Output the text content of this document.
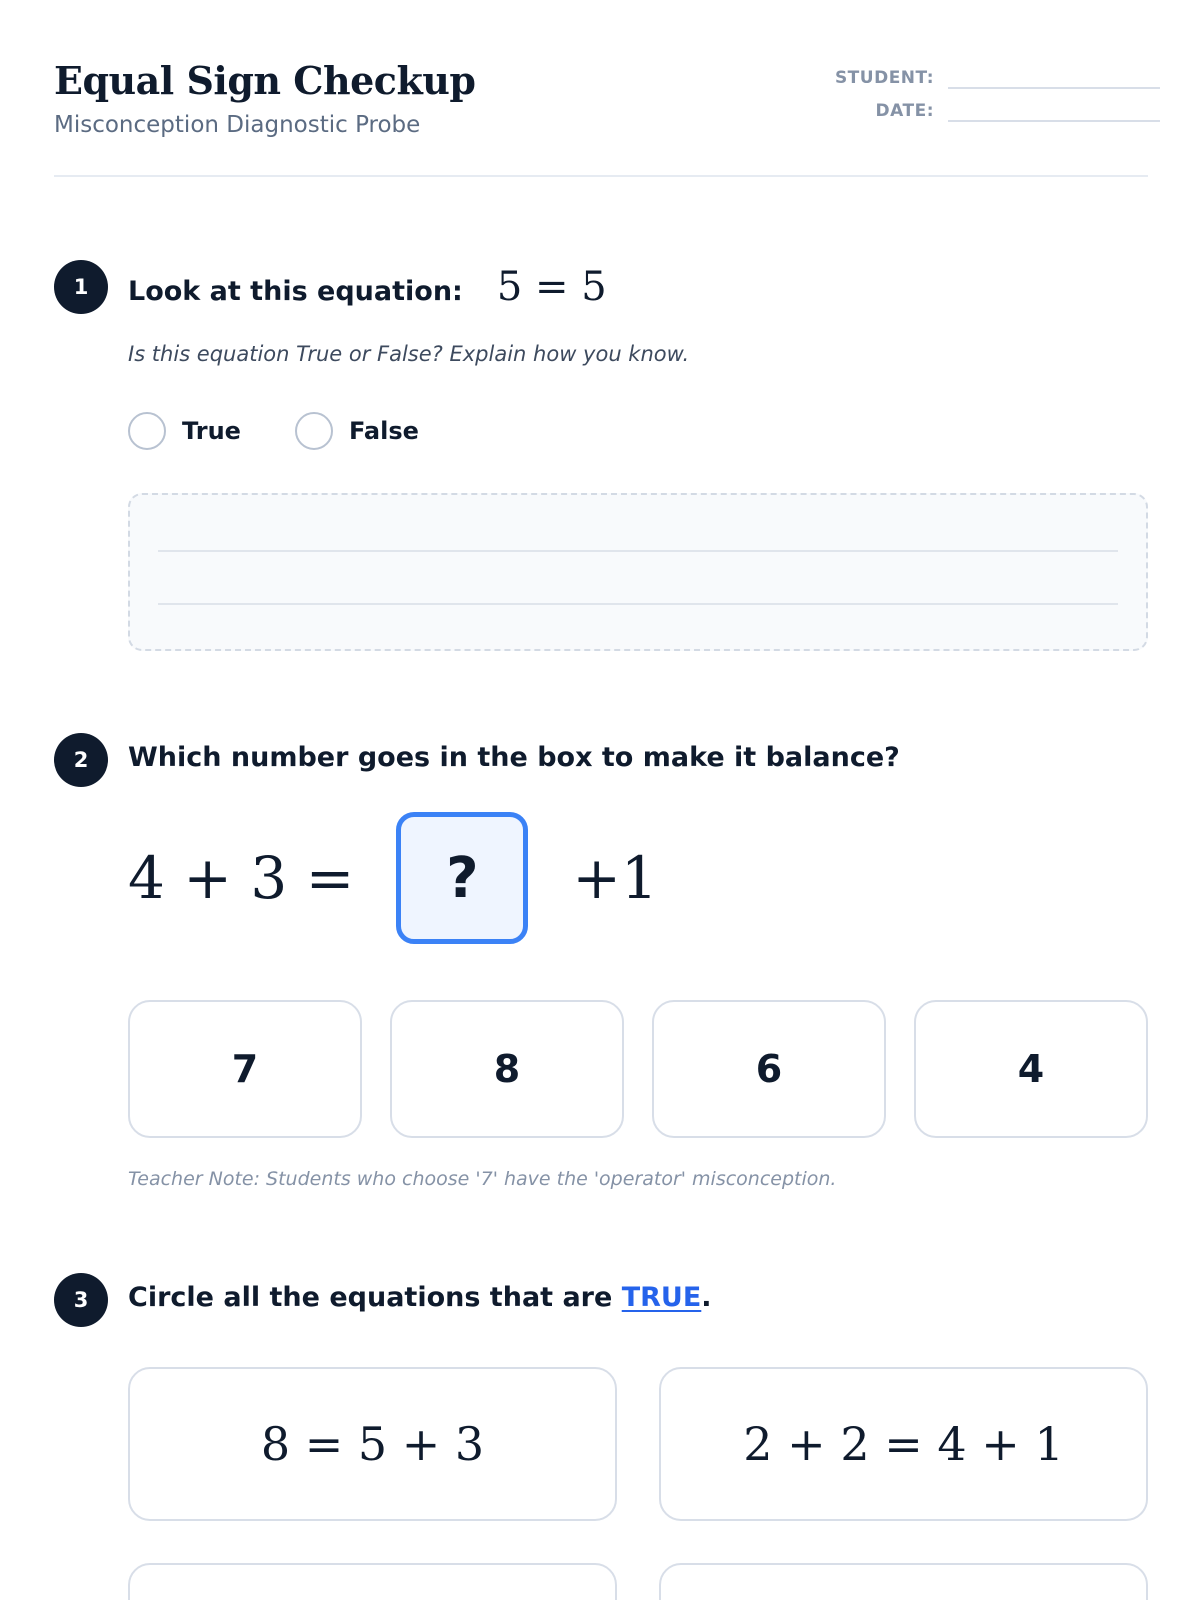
Equal Sign Checkup
Misconception Diagnostic Probe
STUDENT:
DATE:
1	Look at this equation: 5 = 5
Is this equation True or False? Explain how you know.
True	False
2	Which number goes in the box to make it balance?
4 + 3 =	?	+1
7	8	6	4
Teacher Note: Students who choose '7' have the 'operator' misconception.
3	Circle all the equations that are TRUE.
8 = 5 + 3	2 + 2 = 4 + 1
